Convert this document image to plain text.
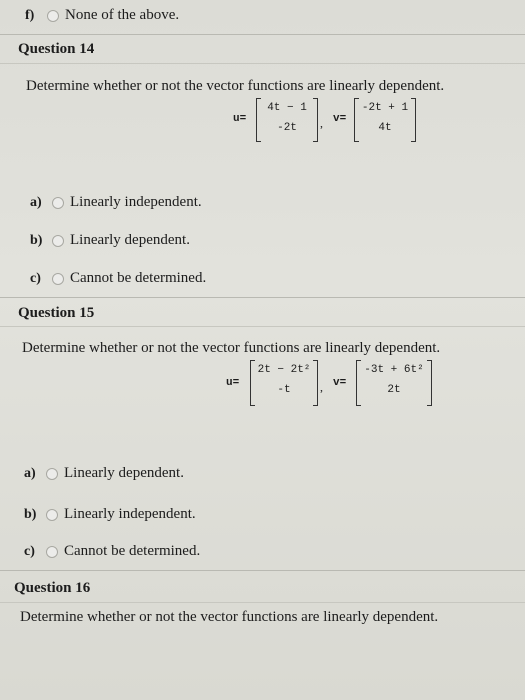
f)	None of the above.
Question 14
Determine whether or not the vector functions are linearly dependent.
u=
4t − 1
-2t	, v=
-2t + 1
4t
a)	Linearly independent.
b)	Linearly dependent.
c)	Cannot be determined.
Question 15
Determine whether or not the vector functions are linearly dependent.
u=
2t − 2t²
-t	, v=
-3t + 6t²
2t
a)	Linearly dependent.
b)	Linearly independent.
c)	Cannot be determined.
Question 16
Determine whether or not the vector functions are linearly dependent.
